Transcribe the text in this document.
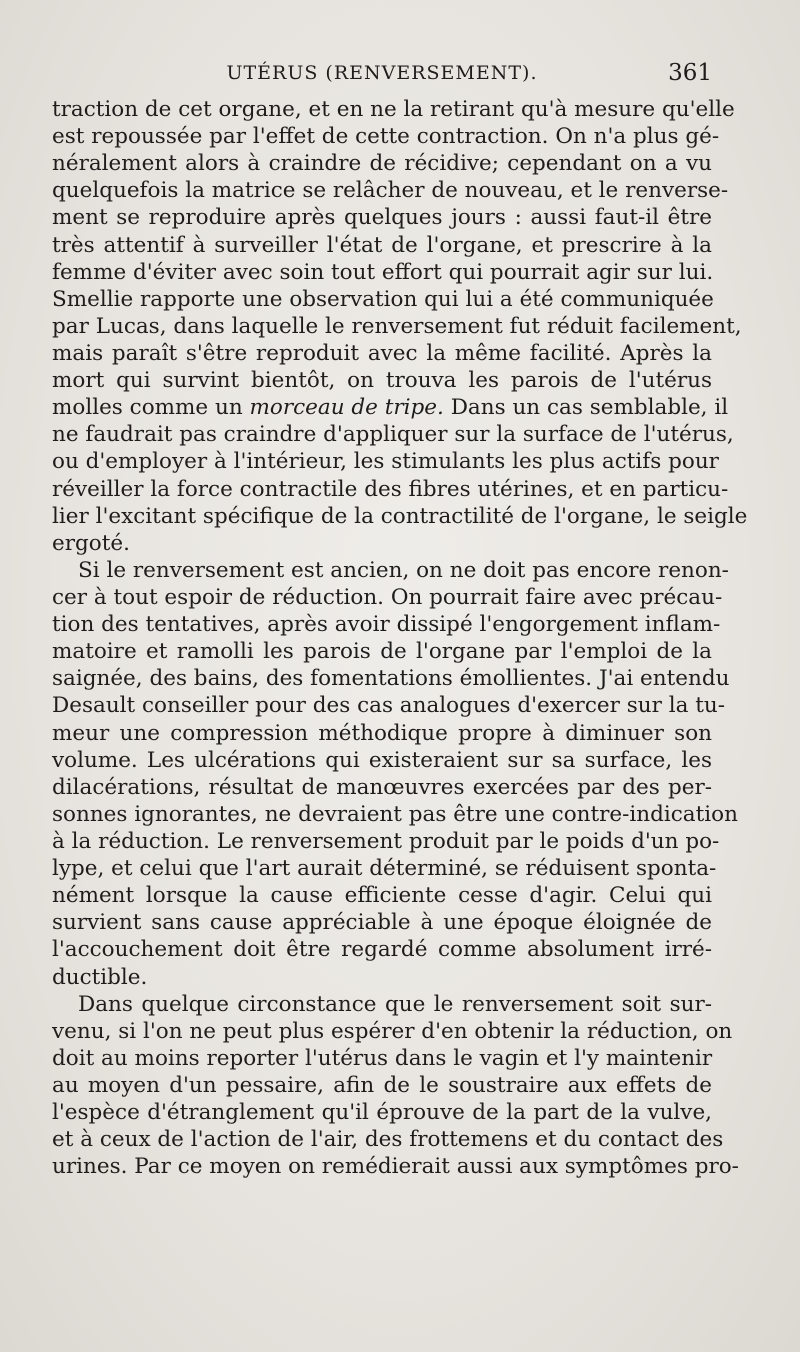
UTÉRUS (RENVERSEMENT).	361
traction de cet organe, et en ne la retirant qu'à mesure qu'elle
est repoussée par l'effet de cette contraction. On n'a plus gé-
néralement alors à craindre de récidive; cependant on a vu
quelquefois la matrice se relâcher de nouveau, et le renverse-
ment se reproduire après quelques jours : aussi faut-il être
très attentif à surveiller l'état de l'organe, et prescrire à la
femme d'éviter avec soin tout effort qui pourrait agir sur lui.
Smellie rapporte une observation qui lui a été communiquée
par Lucas, dans laquelle le renversement fut réduit facilement,
mais paraît s'être reproduit avec la même facilité. Après la
mort qui survint bientôt, on trouva les parois de l'utérus
molles comme un morceau de tripe. Dans un cas semblable, il
ne faudrait pas craindre d'appliquer sur la surface de l'utérus,
ou d'employer à l'intérieur, les stimulants les plus actifs pour
réveiller la force contractile des fibres utérines, et en particu-
lier l'excitant spécifique de la contractilité de l'organe, le seigle
ergoté.
Si le renversement est ancien, on ne doit pas encore renon-
cer à tout espoir de réduction. On pourrait faire avec précau-
tion des tentatives, après avoir dissipé l'engorgement inflam-
matoire et ramolli les parois de l'organe par l'emploi de la
saignée, des bains, des fomentations émollientes. J'ai entendu
Desault conseiller pour des cas analogues d'exercer sur la tu-
meur une compression méthodique propre à diminuer son
volume. Les ulcérations qui existeraient sur sa surface, les
dilacérations, résultat de manœuvres exercées par des per-
sonnes ignorantes, ne devraient pas être une contre-indication
à la réduction. Le renversement produit par le poids d'un po-
lype, et celui que l'art aurait déterminé, se réduisent sponta-
nément lorsque la cause efficiente cesse d'agir. Celui qui
survient sans cause appréciable à une époque éloignée de
l'accouchement doit être regardé comme absolument irré-
ductible.
Dans quelque circonstance que le renversement soit sur-
venu, si l'on ne peut plus espérer d'en obtenir la réduction, on
doit au moins reporter l'utérus dans le vagin et l'y maintenir
au moyen d'un pessaire, afin de le soustraire aux effets de
l'espèce d'étranglement qu'il éprouve de la part de la vulve,
et à ceux de l'action de l'air, des frottemens et du contact des
urines. Par ce moyen on remédierait aussi aux symptômes pro-
